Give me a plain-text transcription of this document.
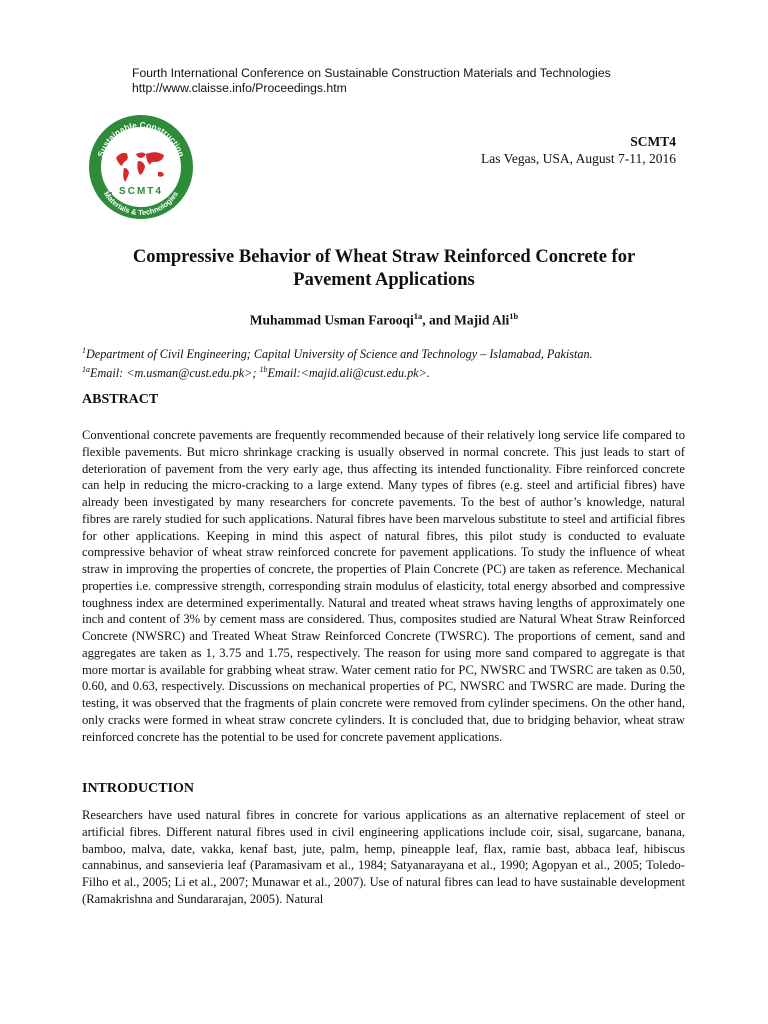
Fourth International Conference on Sustainable Construction Materials and Technologies
http://www.claisse.info/Proceedings.htm
Sustainable Construction
Materials & Technologies
SCMT4
SCMT4
Las Vegas, USA, August 7-11, 2016
Compressive Behavior of Wheat Straw Reinforced Concrete for
Pavement Applications
Muhammad Usman Farooqi$^{1a}$, and Majid Ali$^{1b}$
$^1$Department of Civil Engineering; Capital University of Science and Technology – Islamabad, Pakistan.
$^{1a}$Email: <m.usman@cust.edu.pk>; $^{1b}$Email:<majid.ali@cust.edu.pk>.
ABSTRACT
Conventional concrete pavements are frequently recommended because of their relatively long service life compared to flexible pavements. But micro shrinkage cracking is usually observed in normal concrete. This just leads to start of deterioration of pavement from the very early age, thus affecting its intended functionality. Fibre reinforced concrete can help in reducing the micro-cracking to a large extend. Many types of fibres (e.g. steel and artificial fibres) have already been investigated by many researchers for concrete pavements. To the best of author’s knowledge, natural fibres are rarely studied for such applications. Natural fibres have been marvelous substitute to steel and artificial fibres for other applications. Keeping in mind this aspect of natural fibres, this pilot study is conducted to evaluate compressive behavior of wheat straw reinforced concrete for pavement applications. To study the influence of wheat straw in improving the properties of concrete, the properties of Plain Concrete (PC) are taken as reference. Mechanical properties i.e. compressive strength, corresponding strain modulus of elasticity, total energy absorbed and compressive toughness index are determined experimentally. Natural and treated wheat straws having lengths of approximately one inch and content of 3% by cement mass are considered. Thus, composites studied are Natural Wheat Straw Reinforced Concrete (NWSRC) and Treated Wheat Straw Reinforced Concrete (TWSRC). The proportions of cement, sand and aggregates are taken as 1, 3.75 and 1.75, respectively. The reason for using more sand compared to aggregate is that more mortar is available for grabbing wheat straw. Water cement ratio for PC, NWSRC and TWSRC are taken as 0.50, 0.60, and 0.63, respectively. Discussions on mechanical properties of PC, NWSRC and TWSRC are made. During the testing, it was observed that the fragments of plain concrete were removed from cylinder specimens. On the other hand, only cracks were formed in wheat straw concrete cylinders. It is concluded that, due to bridging behavior, wheat straw reinforced concrete has the potential to be used for concrete pavement applications.
INTRODUCTION
Researchers have used natural fibres in concrete for various applications as an alternative replacement of steel or artificial fibres. Different natural fibres used in civil engineering applications include coir, sisal, sugarcane, banana, bamboo, malva, date, vakka, kenaf bast, jute, palm, hemp, pineapple leaf, flax, ramie bast, abbaca leaf, hibiscus cannabinus, and sansevieria leaf (Paramasivam et al., 1984; Satyanarayana et al., 1990; Agopyan et al., 2005; Toledo-Filho et al., 2005; Li et al., 2007; Munawar et al., 2007). Use of natural fibres can lead to have sustainable development (Ramakrishna and Sundararajan, 2005). Natural
